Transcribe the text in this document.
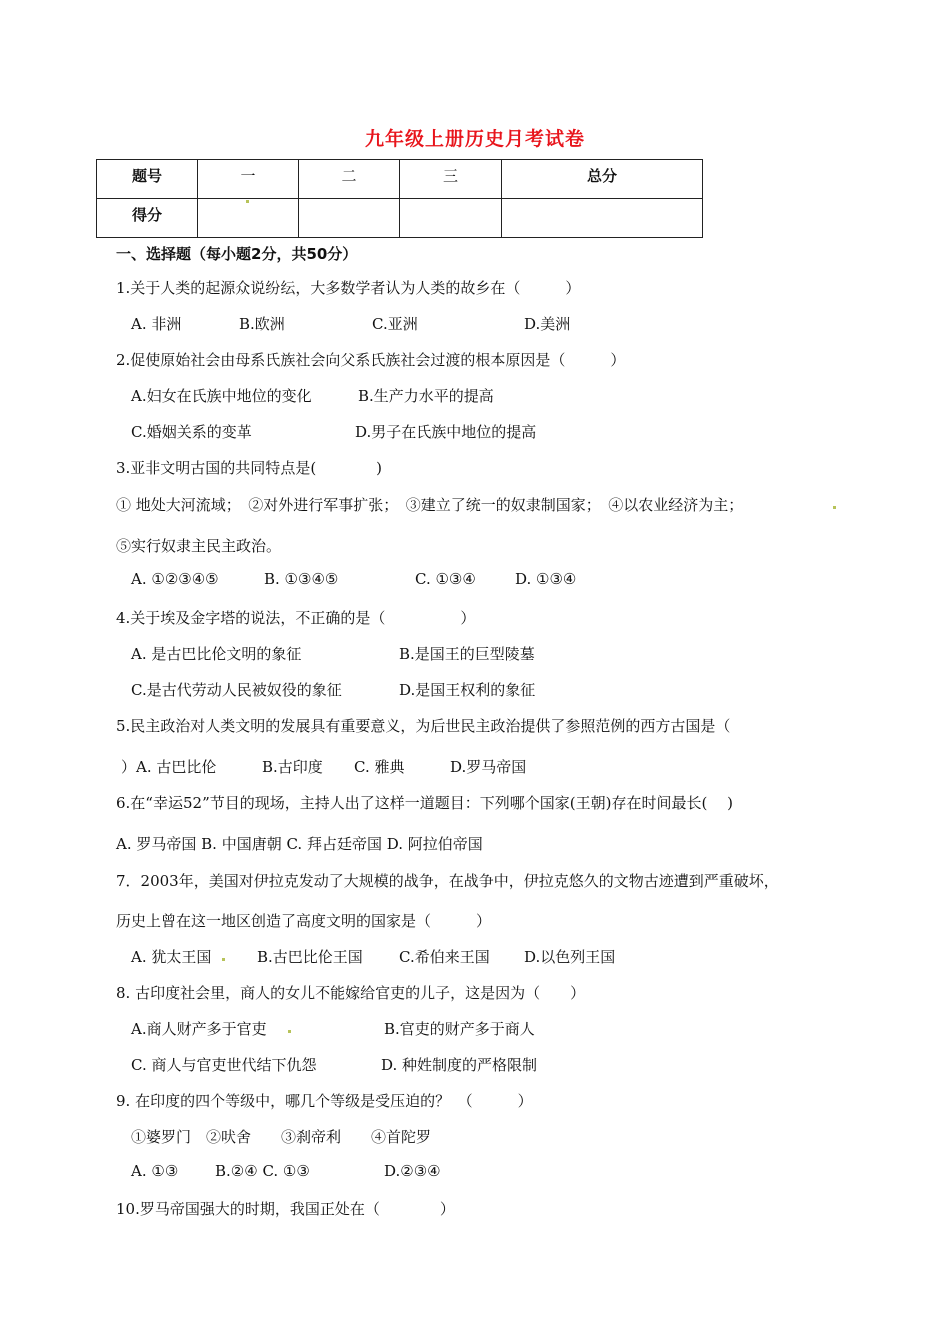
九年级上册历史月考试卷
题号	一	二	三	总分

得分				

一、选择题（每小题2分，共50分）
1.关于人类的起源众说纷纭，大多数学者认为人类的故乡在（　　　）
A. 非洲	B.欧洲	C.亚洲	D.美洲
2.促使原始社会由母系氏族社会向父系氏族社会过渡的根本原因是（　　　）
A.妇女在氏族中地位的变化	B.生产力水平的提高
C.婚姻关系的变革	D.男子在氏族中地位的提高
3.亚非文明古国的共同特点是(　　　　)
① 地处大河流域；　②对外进行军事扩张；　③建立了统一的奴隶制国家；　④以农业经济为主；
⑤实行奴隶主民主政治。
A. ①②③④⑤	B. ①③④⑤	C. ①③④	D. ①③④
4.关于埃及金字塔的说法，不正确的是（　　　　　）
A. 是古巴比伦文明的象征	B.是国王的巨型陵墓
C.是古代劳动人民被奴役的象征	D.是国王权利的象征
5.民主政治对人类文明的发展具有重要意义，为后世民主政治提供了参照范例的西方古国是（
）A. 古巴比伦	B.古印度 C. 雅典	D.罗马帝国
6.在“幸运52”节目的现场，主持人出了这样一道题目：下列哪个国家(王朝)存在时间最长(　 )
A. 罗马帝国 B. 中国唐朝 C. 拜占廷帝国 D. 阿拉伯帝国
7．2003年，美国对伊拉克发动了大规模的战争，在战争中，伊拉克悠久的文物古迹遭到严重破坏，
历史上曾在这一地区创造了高度文明的国家是（　　　）
A. 犹太王国	B.古巴比伦王国 C.希伯来王国 D.以色列王国
8. 古印度社会里，商人的女儿不能嫁给官吏的儿子，这是因为（　　）
A.商人财产多于官吏	B.官吏的财产多于商人
C. 商人与官吏世代结下仇怨	D. 种姓制度的严格限制
9. 在印度的四个等级中，哪几个等级是受压迫的？　（　　　）
①婆罗门　②吠舍　　③刹帝利　　④首陀罗
A. ①③ B.②④ C. ①③	D.②③④
10.罗马帝国强大的时期，我国正处在（　　　　）
